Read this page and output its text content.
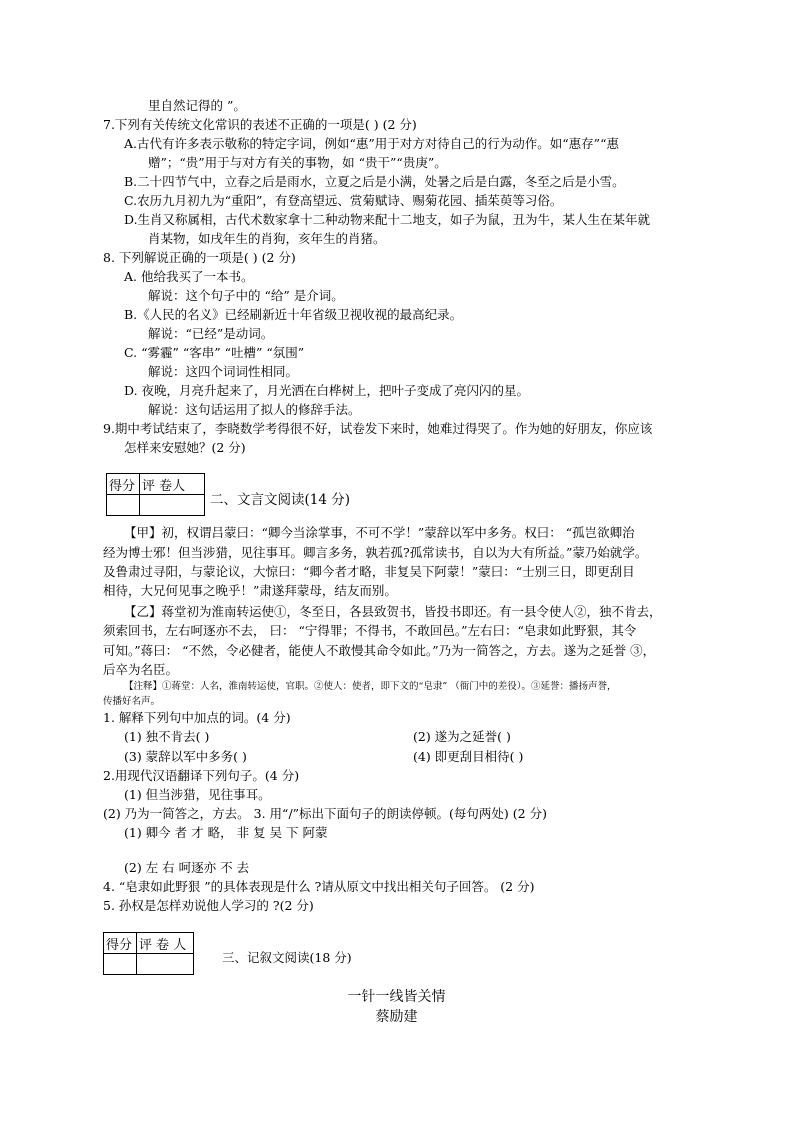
里自然记得的 ”。
7.下列有关传统文化常识的表述不正确的一项是( ) (2 分)
A.古代有许多表示敬称的特定字词，例如“惠”用于对方对待自己的行为动作。如“惠存”“惠
赠”；“贵”用于与对方有关的事物，如 “贵干”“贵庚”。
B.二十四节气中，立春之后是雨水，立夏之后是小满，处暑之后是白露，冬至之后是小雪。
C.农历九月初九为“重阳”，有登高望远、赏菊赋诗、赐菊花园、插茱萸等习俗。
D.生肖又称属相，古代术数家拿十二种动物来配十二地支，如子为鼠，丑为牛，某人生在某年就
肖某物，如戌年生的肖狗，亥年生的肖猪。
8. 下列解说正确的一项是( ) (2 分)
A. 他给我买了一本书。
解说：这个句子中的 “给” 是介词。
B.《人民的名义》已经刷新近十年省级卫视收视的最高纪录。
解说：“已经”是动词。
C. “雾霾” “客串” “吐槽” “氛围”
解说：这四个词词性相同。
D. 夜晚，月亮升起来了，月光洒在白桦树上，把叶子变成了亮闪闪的星。
解说：这句话运用了拟人的修辞手法。
9.期中考试结束了，李晓数学考得很不好，试卷发下来时，她难过得哭了。作为她的好朋友，你应该
怎样来安慰她？(2 分)
得分	评 卷人

二、文言文阅读(14 分)
【甲】初，权谓吕蒙曰：“卿今当涂掌事，不可不学！”蒙辞以军中多务。权曰： “孤岂欲卿治
经为博士邪！但当涉猎，见往事耳。卿言多务，孰若孤?孤常读书，自以为大有所益。”蒙乃始就学。
及鲁肃过寻阳，与蒙论议，大惊曰：“卿今者才略，非复吴下阿蒙！”蒙曰：“士别三日，即更刮目
相待，大兄何见事之晚乎！”肃遂拜蒙母，结友而别。
【乙】蒋堂初为淮南转运使①，冬至日，各县致贺书，皆投书即还。有一县令使人②，独不肯去，
须索回书，左右呵逐亦不去， 曰： “宁得罪；不得书，不敢回邑。”左右曰：“皂隶如此野狠，其令
可知。”蒋曰： “不然，令必健者，能使人不敢慢其命令如此。”乃为一简答之，方去。遂为之延誉 ③，
后卒为名臣。
【注释】①蒋堂：人名，淮南转运使，官职。②使人：使者，即下文的“皂隶” （衙门中的差役）。③延誉：播扬声誉，
传播好名声。
1. 解释下列句中加点的词。(4 分)
(1) 独不肯去( )	(2) 遂为之延誉( )
(3) 蒙辞以军中多务( )	(4) 即更刮目相待( )
2.用现代汉语翻译下列句子。(4 分)
(1) 但当涉猎，见往事耳。
(2) 乃为一简答之，方去。 3. 用“/”标出下面句子的朗读停顿。(每句两处) (2 分)
(1) 卿今 者 才 略， 非 复 吴 下 阿蒙
(2) 左 右 呵逐亦 不 去
4. “皂隶如此野狠 ”的具体表现是什么 ?请从原文中找出相关句子回答。 (2 分)
5. 孙权是怎样劝说他人学习的 ?(2 分)
得分	评 卷 人

三、记叙文阅读(18 分)
一针一线皆关情
蔡励建
